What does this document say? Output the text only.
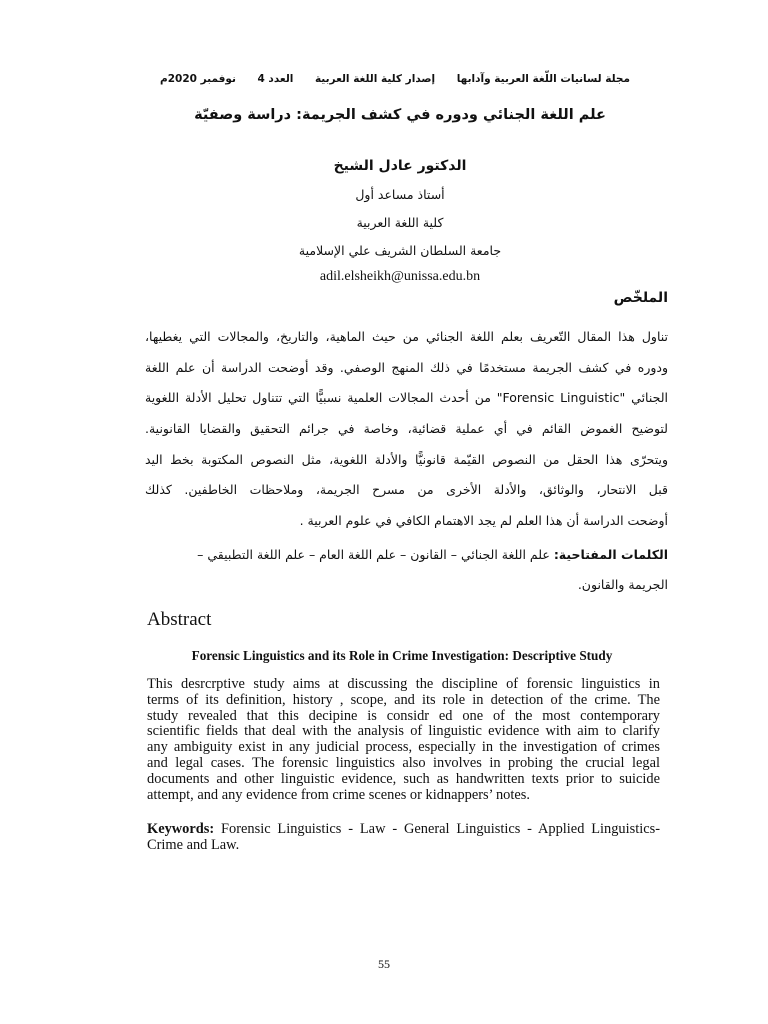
مجلة لسانيات اللّغة العربية وآدابها
إصدار كلية اللغة العربية
العدد 4
نوفمبر 2020م
علم اللغة الجنائي ودوره في كشف الجريمة: دراسة وصفيّة
الدكتور عادل الشيخ
أستاذ مساعد أول
كلية اللغة العربية
جامعة السلطان الشريف علي الإسلامية
adil.elsheikh@unissa.edu.bn
الملخّص
تناول هذا المقال التّعريف بعلم اللغة الجنائي من حيث الماهية، والتاريخ، والمجالات التي يغطيها،
ودوره في كشف الجريمة مستخدمًا في ذلك المنهج الوصفي. وقد أوضحت الدراسة أن علم اللغة
الجنائي "Forensic Linguistic" من أحدث المجالات العلمية نسبيًّا التي تتناول تحليل الأدلة اللغوية
لتوضيح الغموض القائم في أي عملية قضائية، وخاصة في جرائم التحقيق والقضايا القانونية.
ويتحرّى هذا الحقل من النصوص القيّمة قانونيًّا والأدلة اللغوية، مثل النصوص المكتوبة بخط اليد
قبل الانتحار، والوثائق، والأدلة الأخرى من مسرح الجريمة، وملاحظات الخاطفين. كذلك
أوضحت الدراسة أن هذا العلم لم يجد الاهتمام الكافي في علوم العربية .
الكلمات المفتاحية: علم اللغة الجنائي – القانون – علم اللغة العام – علم اللغة التطبيقي –
الجريمة والقانون.
Abstract
Forensic Linguistics and its Role in Crime Investigation: Descriptive Study
This desrcrptive study aims at discussing the discipline of forensic linguistics in
terms of its definition, history , scope, and its role in detection of the crime. The
study revealed that this decipine is considr ed one of the most contemporary
scientific fields that deal with the analysis of linguistic evidence with aim to clarify
any ambiguity exist in any judicial process, especially in the investigation of crimes
and legal cases. The forensic linguistics also involves in probing the crucial legal
documents and other linguistic evidence, such as handwritten texts prior to suicide
attempt, and any evidence from crime scenes or kidnappers’ notes.
Keywords: Forensic Linguistics - Law - General Linguistics - Applied Linguistics-
Crime and Law.
55
